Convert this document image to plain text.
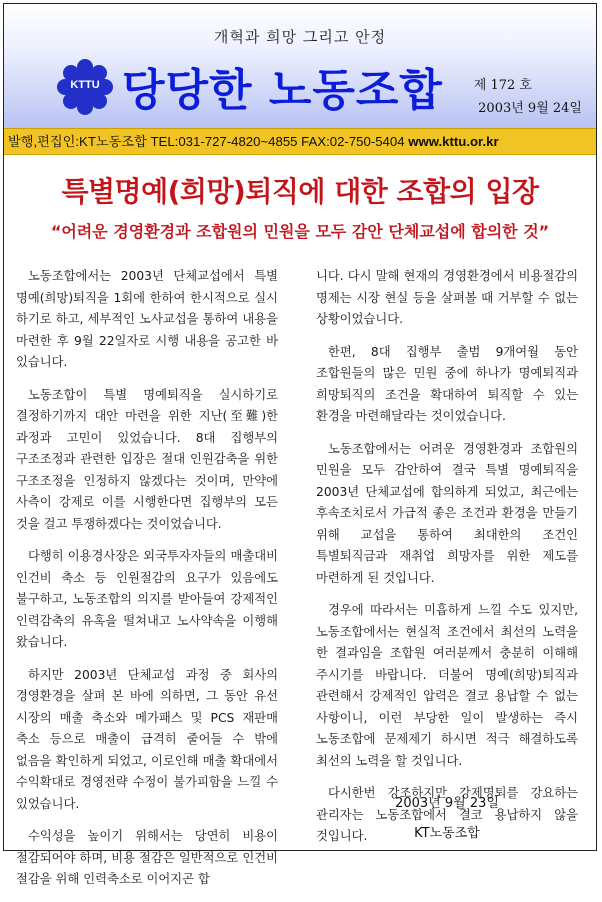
개혁과 희망 그리고 안정
KTTU 당당한 노동조합 제 172 호
2003년 9월 24일
발행,편집인:KT노동조합 TEL:031-727-4820~4855 FAX:02-750-5404 www.kttu.or.kr
특별명예(희망)퇴직에 대한 조합의 입장
“어려운 경영환경과 조합원의 민원을 모두 감안 단체교섭에 합의한 것”

노동조합에서는 2003년 단체교섭에서 특별 명예(희망)퇴직을 1회에 한하여 한시적으로 실시 하기로 하고, 세부적인 노사교섭을 통하여 내용을 마련한 후 9월 22일자로 시행 내용을 공고한 바 있습니다.

노동조합이 특별 명예퇴직을 실시하기로 결정하기까지 대안 마련을 위한 지난(至難)한 과정과 고민이 있었습니다. 8대 집행부의 구조조정과 관련한 입장은 절대 인원감축을 위한 구조조정을 인정하지 않겠다는 것이며, 만약에 사측이 강제로 이를 시행한다면 집행부의 모든 것을 걸고 투쟁하겠다는 것이었습니다.

다행히 이용경사장은 외국투자자들의 매출대비 인건비 축소 등 인원절감의 요구가 있음에도 불구하고, 노동조합의 의지를 받아들여 강제적인 인력감축의 유혹을 떨쳐내고 노사약속을 이행해 왔습니다.

하지만 2003년 단체교섭 과정 중 회사의 경영환경을 살펴 본 바에 의하면, 그 동안 유선 시장의 매출 축소와 메가패스 및 PCS 재판매 축소 등으로 매출이 급격히 줄어들 수 밖에 없음을 확인하게 되었고, 이로인해 매출 확대에서 수익확대로 경영전략 수정이 불가피함을 느낄 수 있었습니다.

수익성을 높이기 위해서는 당연히 비용이 절감되어야 하며, 비용 절감은 일반적으로 인건비 절감을 위해 인력축소로 이어지곤 합

니다. 다시 말해 현재의 경영환경에서 비용절감의 명제는 시장 현실 등을 살펴볼 때 거부할 수 없는 상황이었습니다.

한편, 8대 집행부 출범 9개여월 동안 조합원들의 많은 민원 중에 하나가 명예퇴직과 희망퇴직의 조건을 확대하여 퇴직할 수 있는 환경을 마련해달라는 것이었습니다.

노동조합에서는 어려운 경영환경과 조합원의 민원을 모두 감안하여 결국 특별 명예퇴직을 2003년 단체교섭에 합의하게 되었고, 최근에는 후속조치로서 가급적 좋은 조건과 환경을 만들기 위해 교섭을 통하여 최대한의 조건인 특별퇴직금과 재취업 희망자를 위한 제도를 마련하게 된 것입니다.

경우에 따라서는 미흡하게 느낄 수도 있지만, 노동조합에서는 현실적 조건에서 최선의 노력을 한 결과임을 조합원 여러분께서 충분히 이해해 주시기를 바랍니다. 더불어 명예(희망)퇴직과 관련해서 강제적인 압력은 결코 용납할 수 없는 사항이니, 이런 부당한 일이 발생하는 즉시 노동조합에 문제제기 하시면 적극 해결하도록 최선의 노력을 할 것입니다.

다시한번 강조하지만 강제명퇴를 강요하는 관리자는 노동조합에서 결코 용납하지 않을 것입니다.

2003년 9월 23일
KT노동조합
